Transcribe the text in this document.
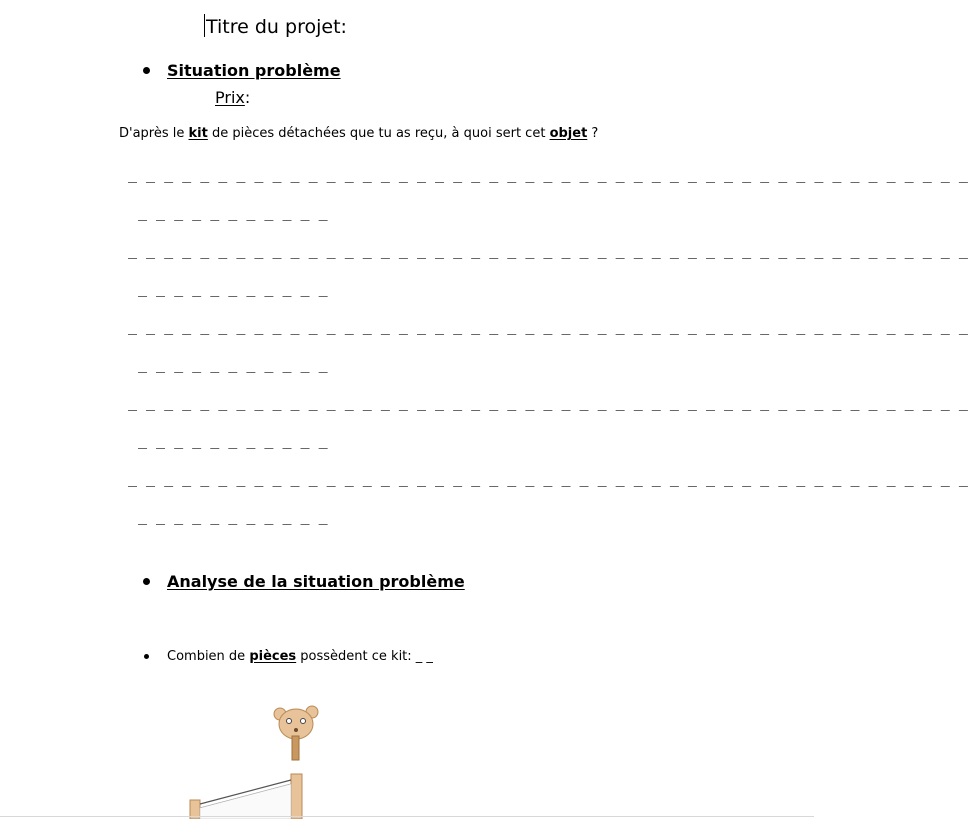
Titre du projet:
Situation problème
Prix:
D'après le kit de pièces détachées que tu as reçu, à quoi sert cet objet ?
_ _ _ _ _ _ _ _ _ _ _ _ _ _ _ _ _ _ _ _ _ _ _ _ _ _ _ _ _ _ _ _ _ _ _ _ _ _ _ _ _ _ _ _ _ _ _
_ _ _ _ _ _ _ _ _ _ _
_ _ _ _ _ _ _ _ _ _ _ _ _ _ _ _ _ _ _ _ _ _ _ _ _ _ _ _ _ _ _ _ _ _ _ _ _ _ _ _ _ _ _ _ _ _ _
_ _ _ _ _ _ _ _ _ _ _
_ _ _ _ _ _ _ _ _ _ _ _ _ _ _ _ _ _ _ _ _ _ _ _ _ _ _ _ _ _ _ _ _ _ _ _ _ _ _ _ _ _ _ _ _ _ _
_ _ _ _ _ _ _ _ _ _ _
_ _ _ _ _ _ _ _ _ _ _ _ _ _ _ _ _ _ _ _ _ _ _ _ _ _ _ _ _ _ _ _ _ _ _ _ _ _ _ _ _ _ _ _ _ _ _
_ _ _ _ _ _ _ _ _ _ _
_ _ _ _ _ _ _ _ _ _ _ _ _ _ _ _ _ _ _ _ _ _ _ _ _ _ _ _ _ _ _ _ _ _ _ _ _ _ _ _ _ _ _ _ _ _ _
_ _ _ _ _ _ _ _ _ _ _
Analyse de la situation problème
Combien de pièces possèdent ce kit: _ _
